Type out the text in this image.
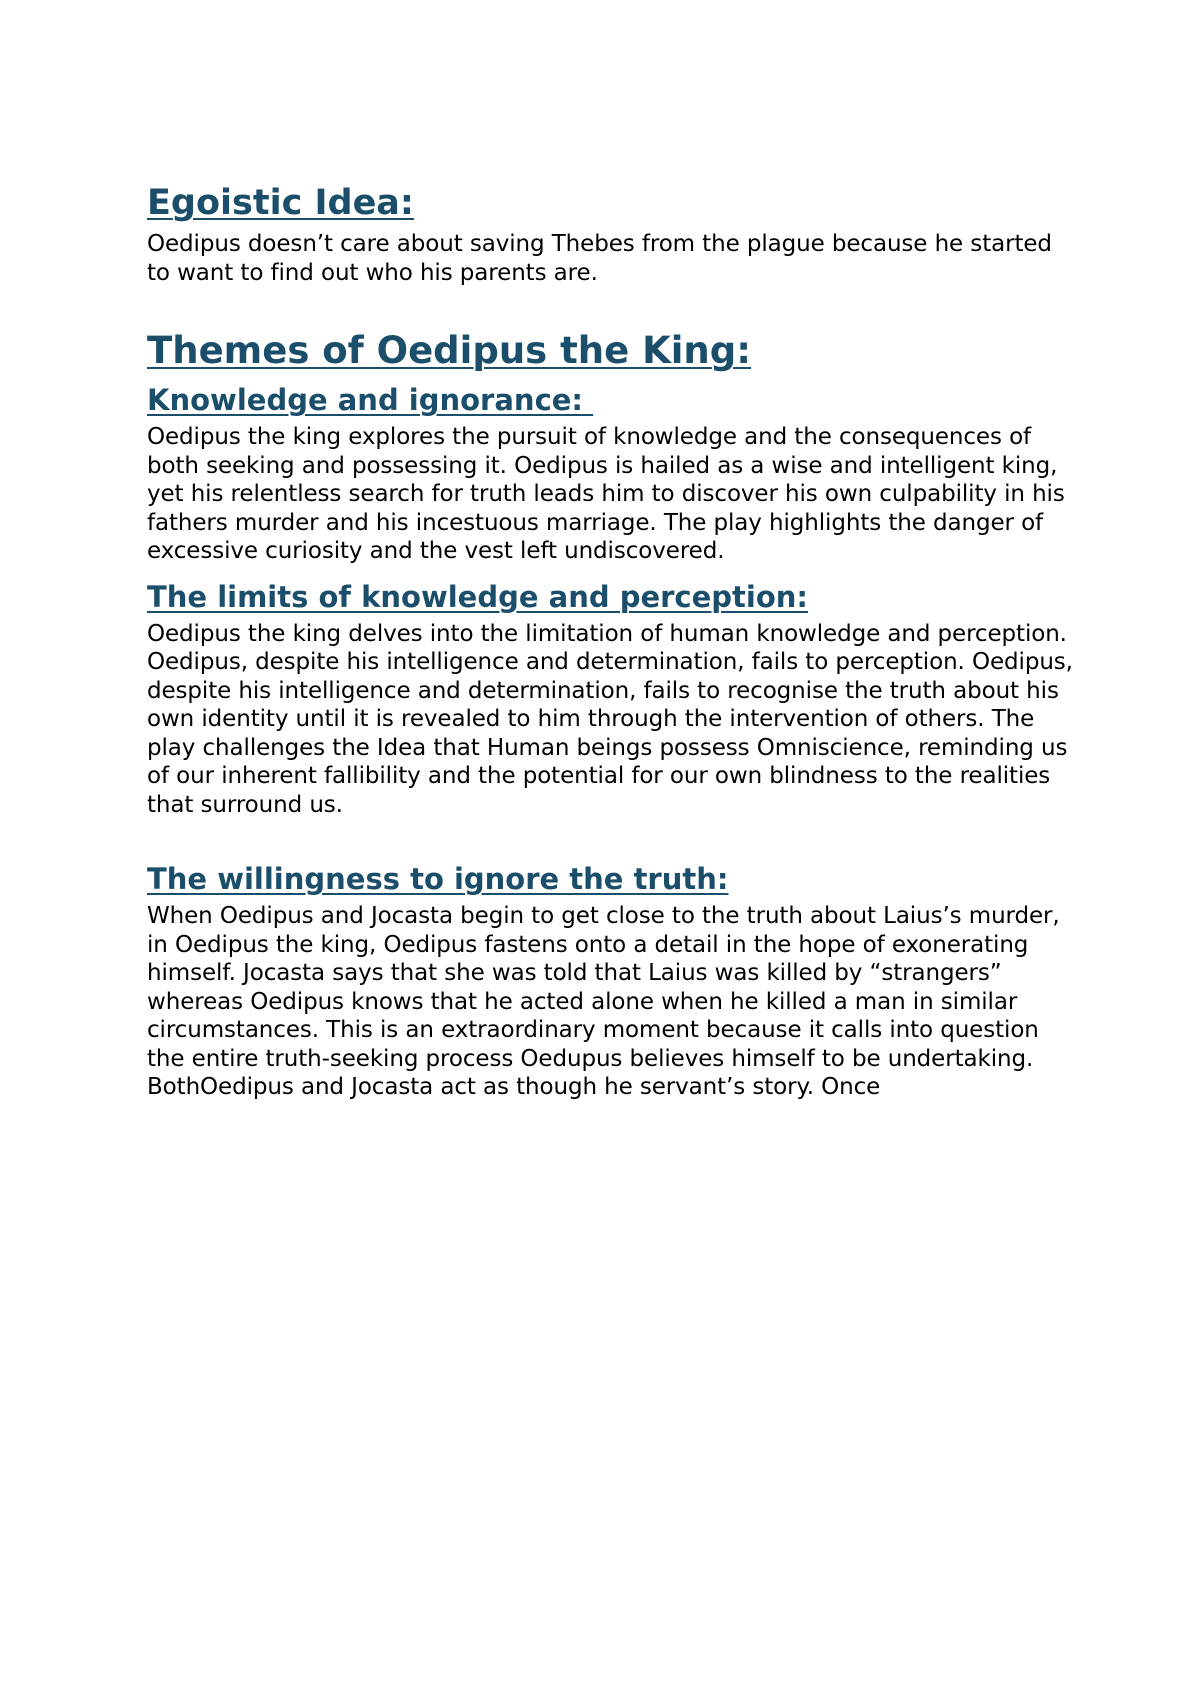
Egoistic Idea:

Oedipus doesn’t care about saving Thebes from the plague because he started to want to find out who his parents are.

Themes of Oedipus the King:
Knowledge and ignorance:

Oedipus the king explores the pursuit of knowledge and the consequences of both seeking and possessing it. Oedipus is hailed as a wise and intelligent king, yet his relentless search for truth leads him to discover his own culpability in his fathers murder and his incestuous marriage. The play highlights the danger of excessive curiosity and the vest left undiscovered.

The limits of knowledge and perception:

Oedipus the king delves into the limitation of human knowledge and perception. Oedipus, despite his intelligence and determination, fails to perception. Oedipus, despite his intelligence and determination, fails to recognise the truth about his own identity until it is revealed to him through the intervention of others. The play challenges the Idea that Human beings possess Omniscience, reminding us of our inherent fallibility and the potential for our own blindness to the realities that surround us.

The willingness to ignore the truth:

When Oedipus and Jocasta begin to get close to the truth about Laius’s murder, in Oedipus the king, Oedipus fastens onto a detail in the hope of exonerating himself. Jocasta says that she was told that Laius was killed by “strangers” whereas Oedipus knows that he acted alone when he killed a man in similar circumstances. This is an extraordinary moment because it calls into question the entire truth-seeking process Oedupus believes himself to be undertaking. BothOedipus and Jocasta act as though he servant’s story. Once
